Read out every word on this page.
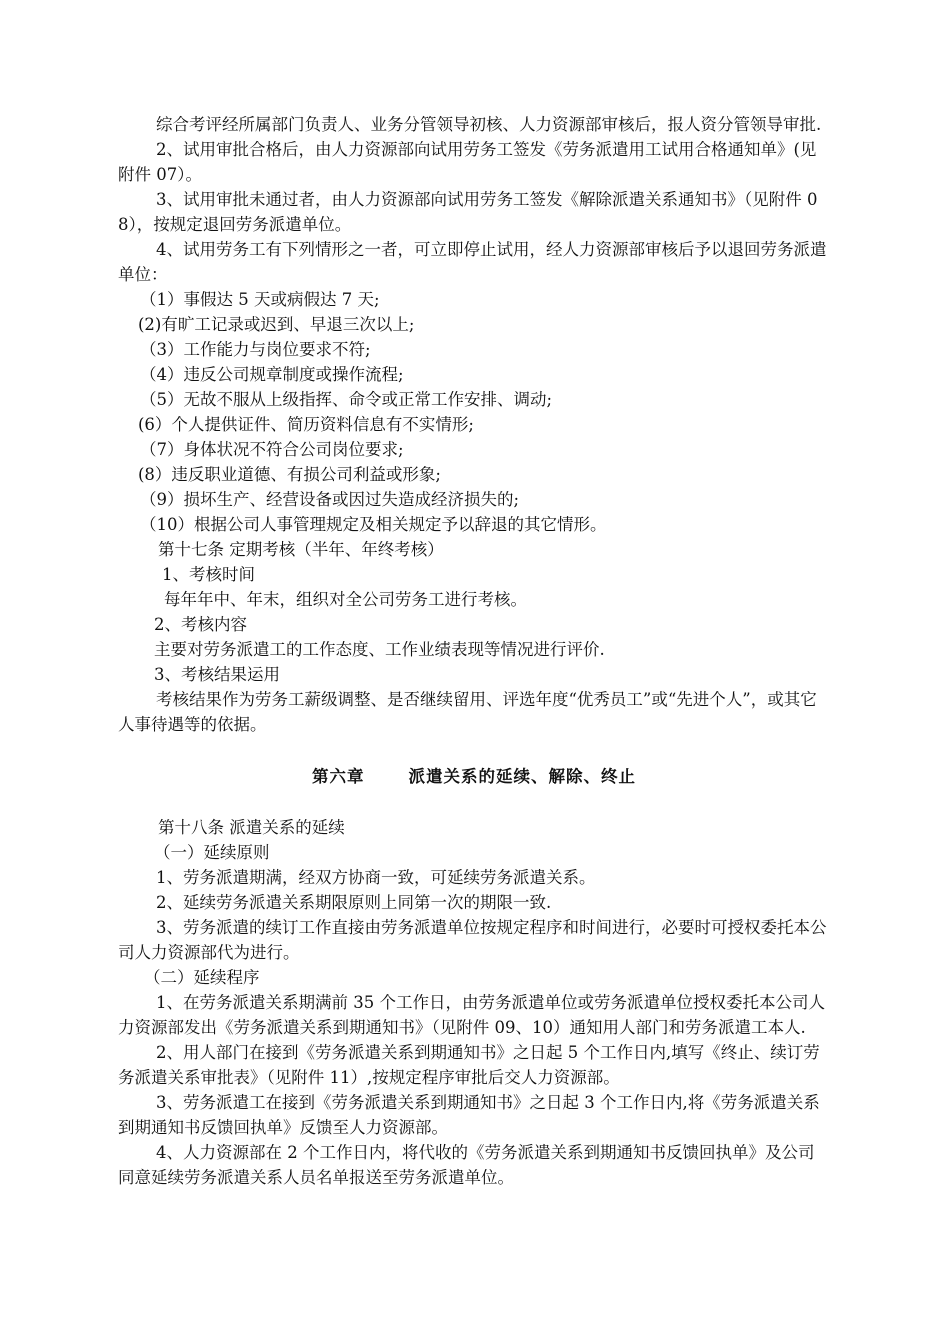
综合考评经所属部门负责人、业务分管领导初核、人力资源部审核后，报人资分管领导审批.

2、试用审批合格后，由人力资源部向试用劳务工签发《劳务派遣用工试用合格通知单》(见附件 07）。

3、试用审批未通过者，由人力资源部向试用劳务工签发《解除派遣关系通知书》（见附件 08），按规定退回劳务派遣单位。

4、试用劳务工有下列情形之一者，可立即停止试用，经人力资源部审核后予以退回劳务派遣单位：

（1）事假达 5 天或病假达 7 天;

(2)有旷工记录或迟到、早退三次以上;

（3）工作能力与岗位要求不符;

（4）违反公司规章制度或操作流程;

（5）无故不服从上级指挥、命令或正常工作安排、调动;

(6）个人提供证件、简历资料信息有不实情形;

（7）身体状况不符合公司岗位要求;

(8）违反职业道德、有损公司利益或形象;

（9）损坏生产、经营设备或因过失造成经济损失的;

（10）根据公司人事管理规定及相关规定予以辞退的其它情形。

第十七条 定期考核（半年、年终考核）

1、考核时间

每年年中、年末，组织对全公司劳务工进行考核。

2、考核内容

主要对劳务派遣工的工作态度、工作业绩表现等情况进行评价.

3、考核结果运用

考核结果作为劳务工薪级调整、是否继续留用、评选年度“优秀员工”或“先进个人”，或其它人事待遇等的依据。

第六章	派遣关系的延续、解除、终止

第十八条 派遣关系的延续

（一）延续原则

1、劳务派遣期满，经双方协商一致，可延续劳务派遣关系。

2、延续劳务派遣关系期限原则上同第一次的期限一致.

3、劳务派遣的续订工作直接由劳务派遣单位按规定程序和时间进行，必要时可授权委托本公司人力资源部代为进行。

（二）延续程序

1、在劳务派遣关系期满前 35 个工作日，由劳务派遣单位或劳务派遣单位授权委托本公司人力资源部发出《劳务派遣关系到期通知书》（见附件 09、10）通知用人部门和劳务派遣工本人.

2、用人部门在接到《劳务派遣关系到期通知书》之日起 5 个工作日内,填写《终止、续订劳务派遣关系审批表》（见附件 11）,按规定程序审批后交人力资源部。

3、劳务派遣工在接到《劳务派遣关系到期通知书》之日起 3 个工作日内,将《劳务派遣关系到期通知书反馈回执单》反馈至人力资源部。

4、人力资源部在 2 个工作日内，将代收的《劳务派遣关系到期通知书反馈回执单》及公司同意延续劳务派遣关系人员名单报送至劳务派遣单位。
